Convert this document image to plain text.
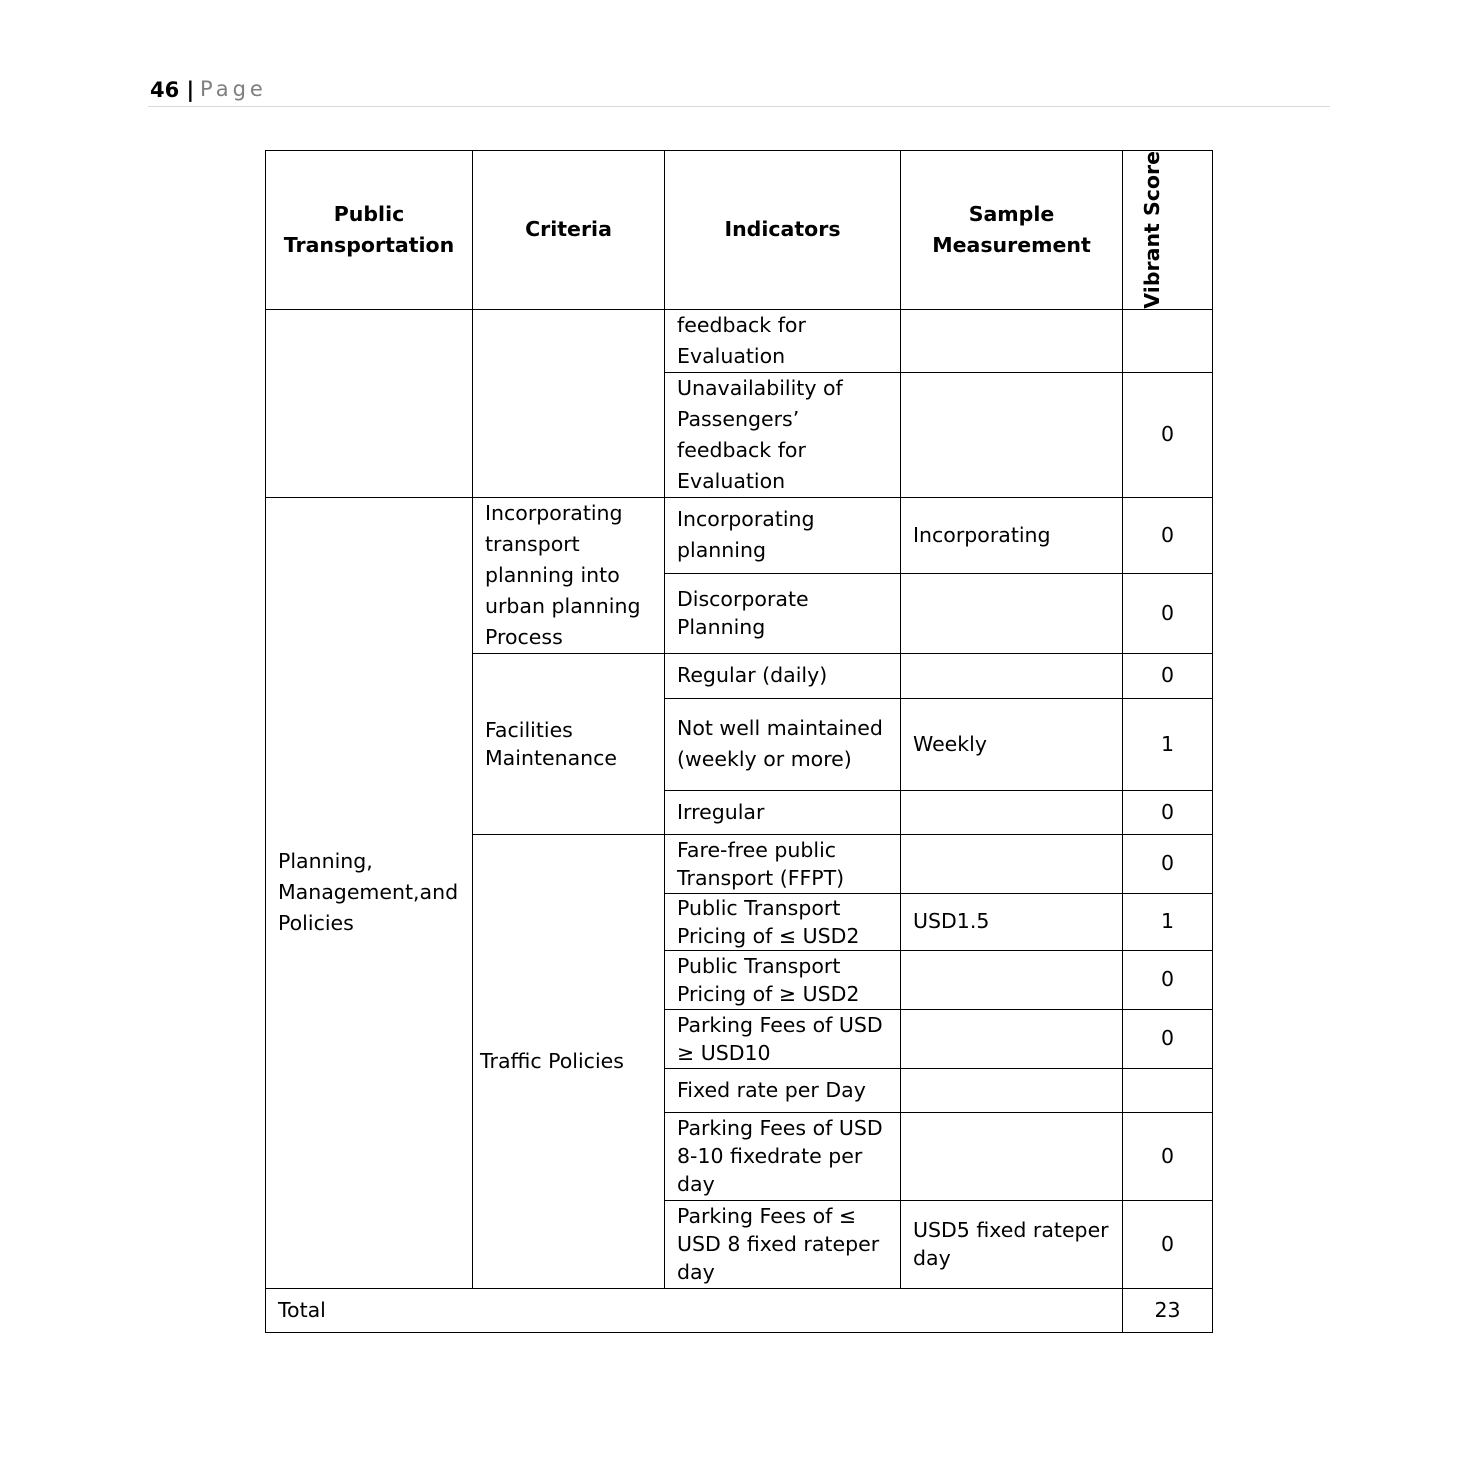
46 | Page
Public Transportation	Criteria	Indicators	Sample Measurement	Vibrant Score

		feedback for Evaluation		
		Unavailability of Passengers’ feedback for Evaluation		0
Planning, Management,and Policies	Incorporating transport planning into urban planning Process	Incorporating planning	Incorporating	0
		Discorporate Planning		0
	Facilities Maintenance	Regular (daily)		0
		Not well maintained (weekly or more)	Weekly	1
		Irregular		0
	Traffic Policies	Fare-free public Transport (FFPT)		0
		Public Transport Pricing of ≤ USD2	USD1.5	1
		Public Transport Pricing of ≥ USD2		0
		Parking Fees of USD ≥ USD10		0
		Fixed rate per Day		
		Parking Fees of USD 8-10 fixedrate per day		0
		Parking Fees of ≤ USD 8 fixed rateper day	USD5 fixed rateper day	0
Total				23
